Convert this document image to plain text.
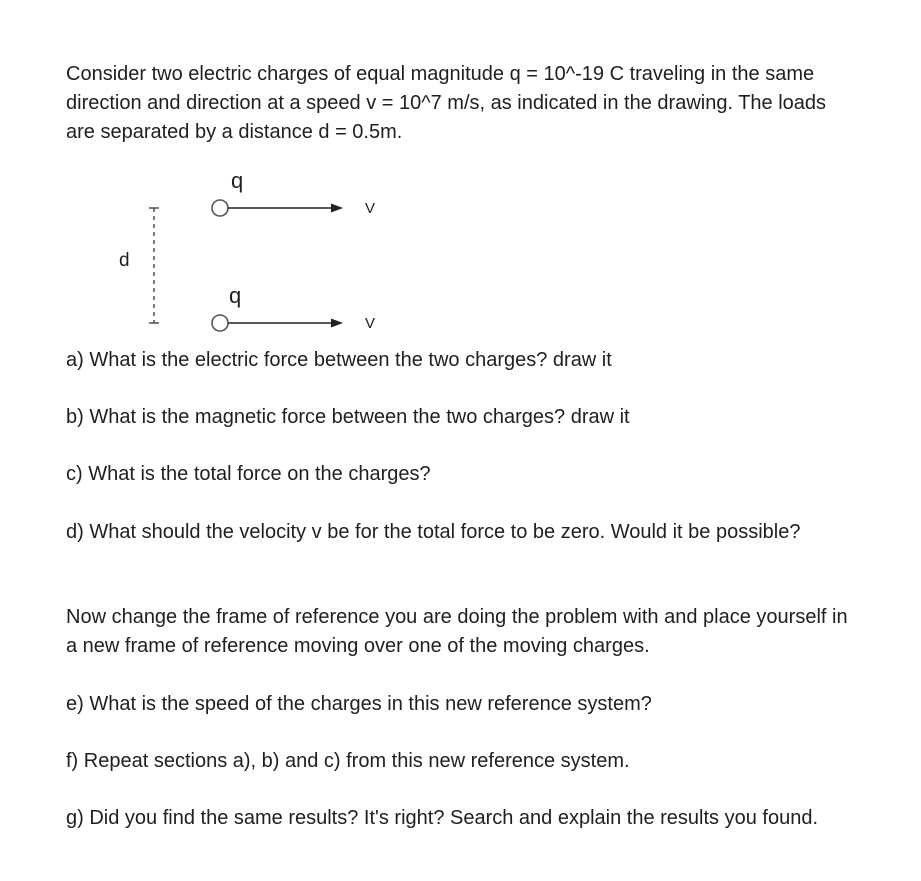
Consider two electric charges of equal magnitude q = 10^-19 C traveling in the same direction and direction at a speed v = 10^7 m/s, as indicated in the drawing. The loads are separated by a distance d = 0.5m.

d
q
V
q
V

a) What is the electric force between the two charges? draw it

b) What is the magnetic force between the two charges? draw it

c) What is the total force on the charges?

d) What should the velocity v be for the total force to be zero. Would it be possible?

Now change the frame of reference you are doing the problem with and place yourself in a new frame of reference moving over one of the moving charges.

e) What is the speed of the charges in this new reference system?

f) Repeat sections a), b) and c) from this new reference system.

g) Did you find the same results? It's right? Search and explain the results you found.
